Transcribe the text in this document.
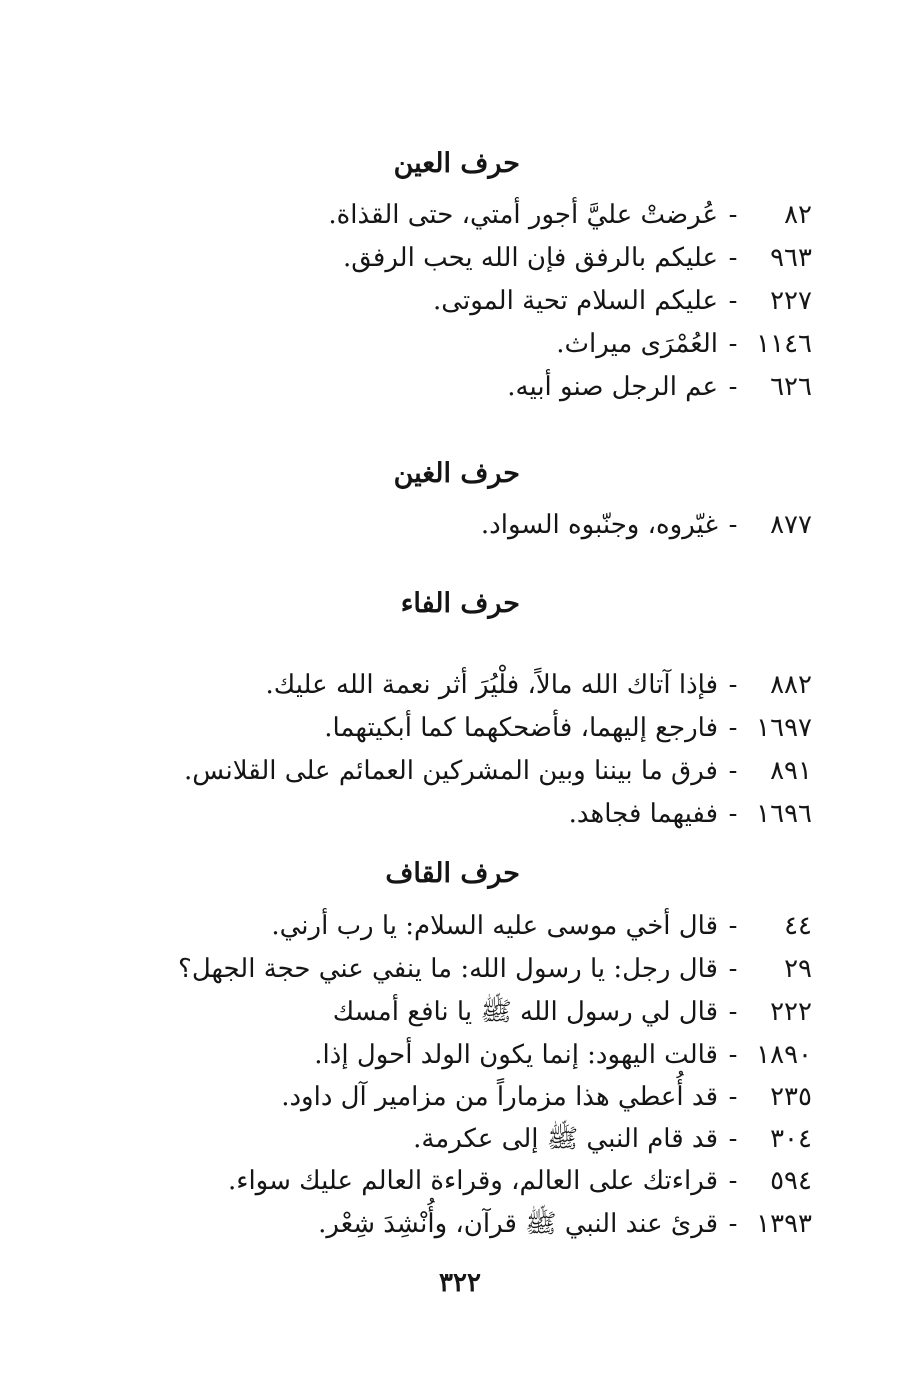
حرف العين
٨٢
-
عُرضتْ عليَّ أجور أمتي، حتى القذاة.
٩٦٣
-
عليكم بالرفق فإن الله يحب الرفق.
٢٢٧
-
عليكم السلام تحية الموتى.
١١٤٦
-
العُمْرَى ميراث.
٦٢٦
-
عم الرجل صنو أبيه.
حرف الغين
٨٧٧
-
غيّروه، وجنّبوه السواد.
حرف الفاء
٨٨٢
-
فإذا آتاك الله مالاً، فلْيُرَ أثر نعمة الله عليك.
١٦٩٧
-
فارجع إليهما، فأضحكهما كما أبكيتهما.
٨٩١
-
فرق ما بيننا وبين المشركين العمائم على القلانس.
١٦٩٦
-
ففيهما فجاهد.
حرف القاف
٤٤
-
قال أخي موسى عليه السلام: يا رب أرني.
٢٩
-
قال رجل: يا رسول الله: ما ينفي عني حجة الجهل؟
٢٢٢
-
قال لي رسول الله ﷺ يا نافع أمسك
١٨٩٠
-
قالت اليهود: إنما يكون الولد أحول إذا.
٢٣٥
-
قد أُعطي هذا مزماراً من مزامير آل داود.
٣٠٤
-
قد قام النبي ﷺ إلى عكرمة.
٥٩٤
-
قراءتك على العالم، وقراءة العالم عليك سواء.
١٣٩٣
-
قرئ عند النبي ﷺ قرآن، وأُنْشِدَ شِعْر.
٣٢٢
